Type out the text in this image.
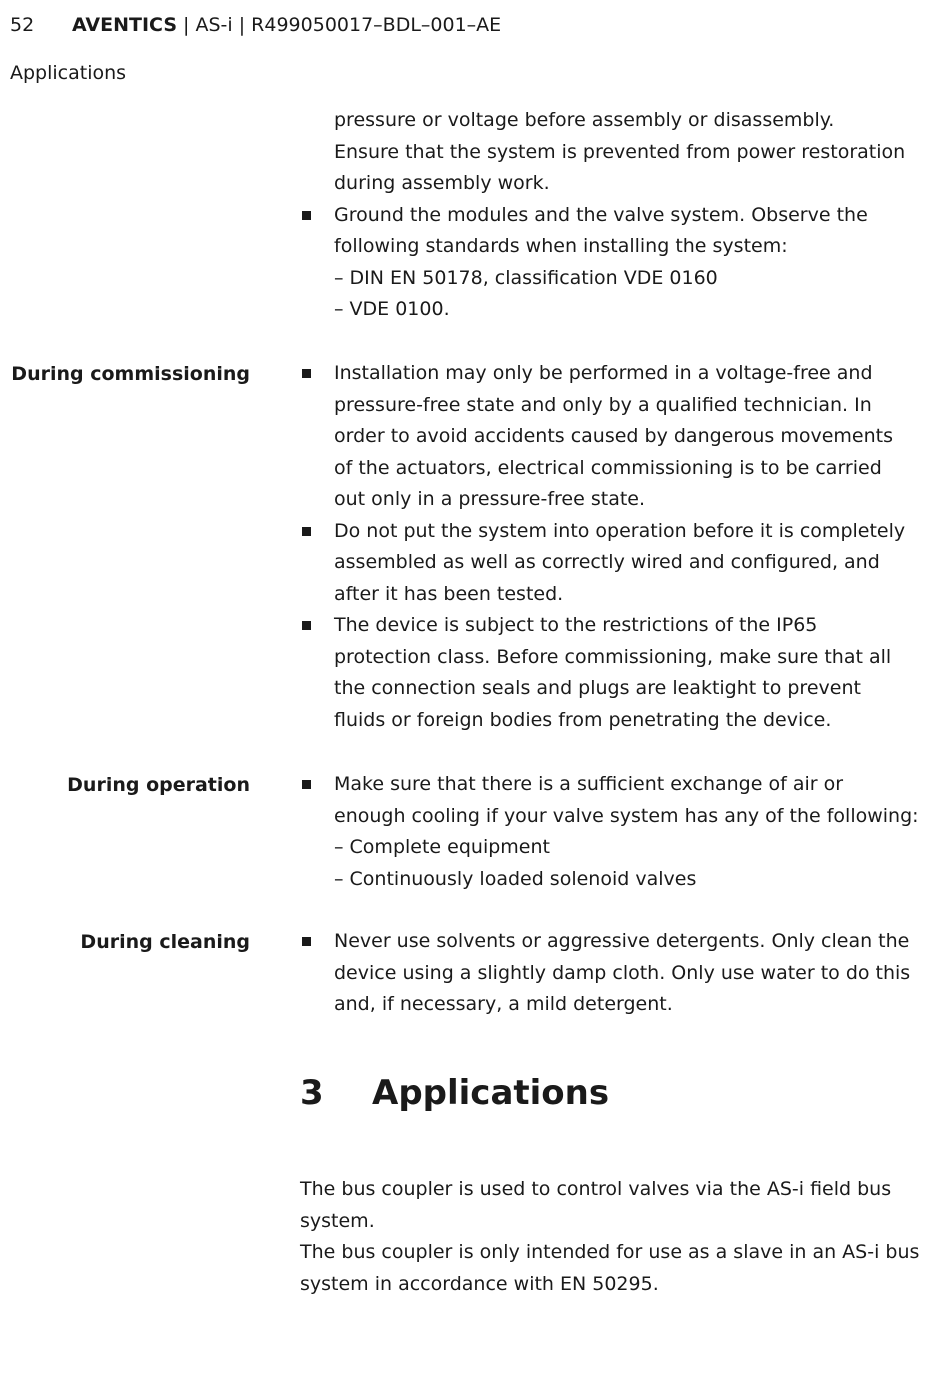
52 AVENTICS | AS-i | R499050017–BDL–001–AE
Applications
pressure or voltage before assembly or disassembly.
Ensure that the system is prevented from power restoration
during assembly work.
Ground the modules and the valve system. Observe the
following standards when installing the system:
– DIN EN 50178, classification VDE 0160
– VDE 0100.
During commissioning	Installation may only be performed in a voltage-free and
pressure-free state and only by a qualified technician. In
order to avoid accidents caused by dangerous movements
of the actuators, electrical commissioning is to be carried
out only in a pressure-free state.
Do not put the system into operation before it is completely
assembled as well as correctly wired and configured, and
after it has been tested.
The device is subject to the restrictions of the IP65
protection class. Before commissioning, make sure that all
the connection seals and plugs are leaktight to prevent
fluids or foreign bodies from penetrating the device.
During operation	Make sure that there is a sufficient exchange of air or
enough cooling if your valve system has any of the following:
– Complete equipment
– Continuously loaded solenoid valves
During cleaning	Never use solvents or aggressive detergents. Only clean the
device using a slightly damp cloth. Only use water to do this
and, if necessary, a mild detergent.
3 Applications
The bus coupler is used to control valves via the AS-i field bus
system.
The bus coupler is only intended for use as a slave in an AS-i bus
system in accordance with EN 50295.
